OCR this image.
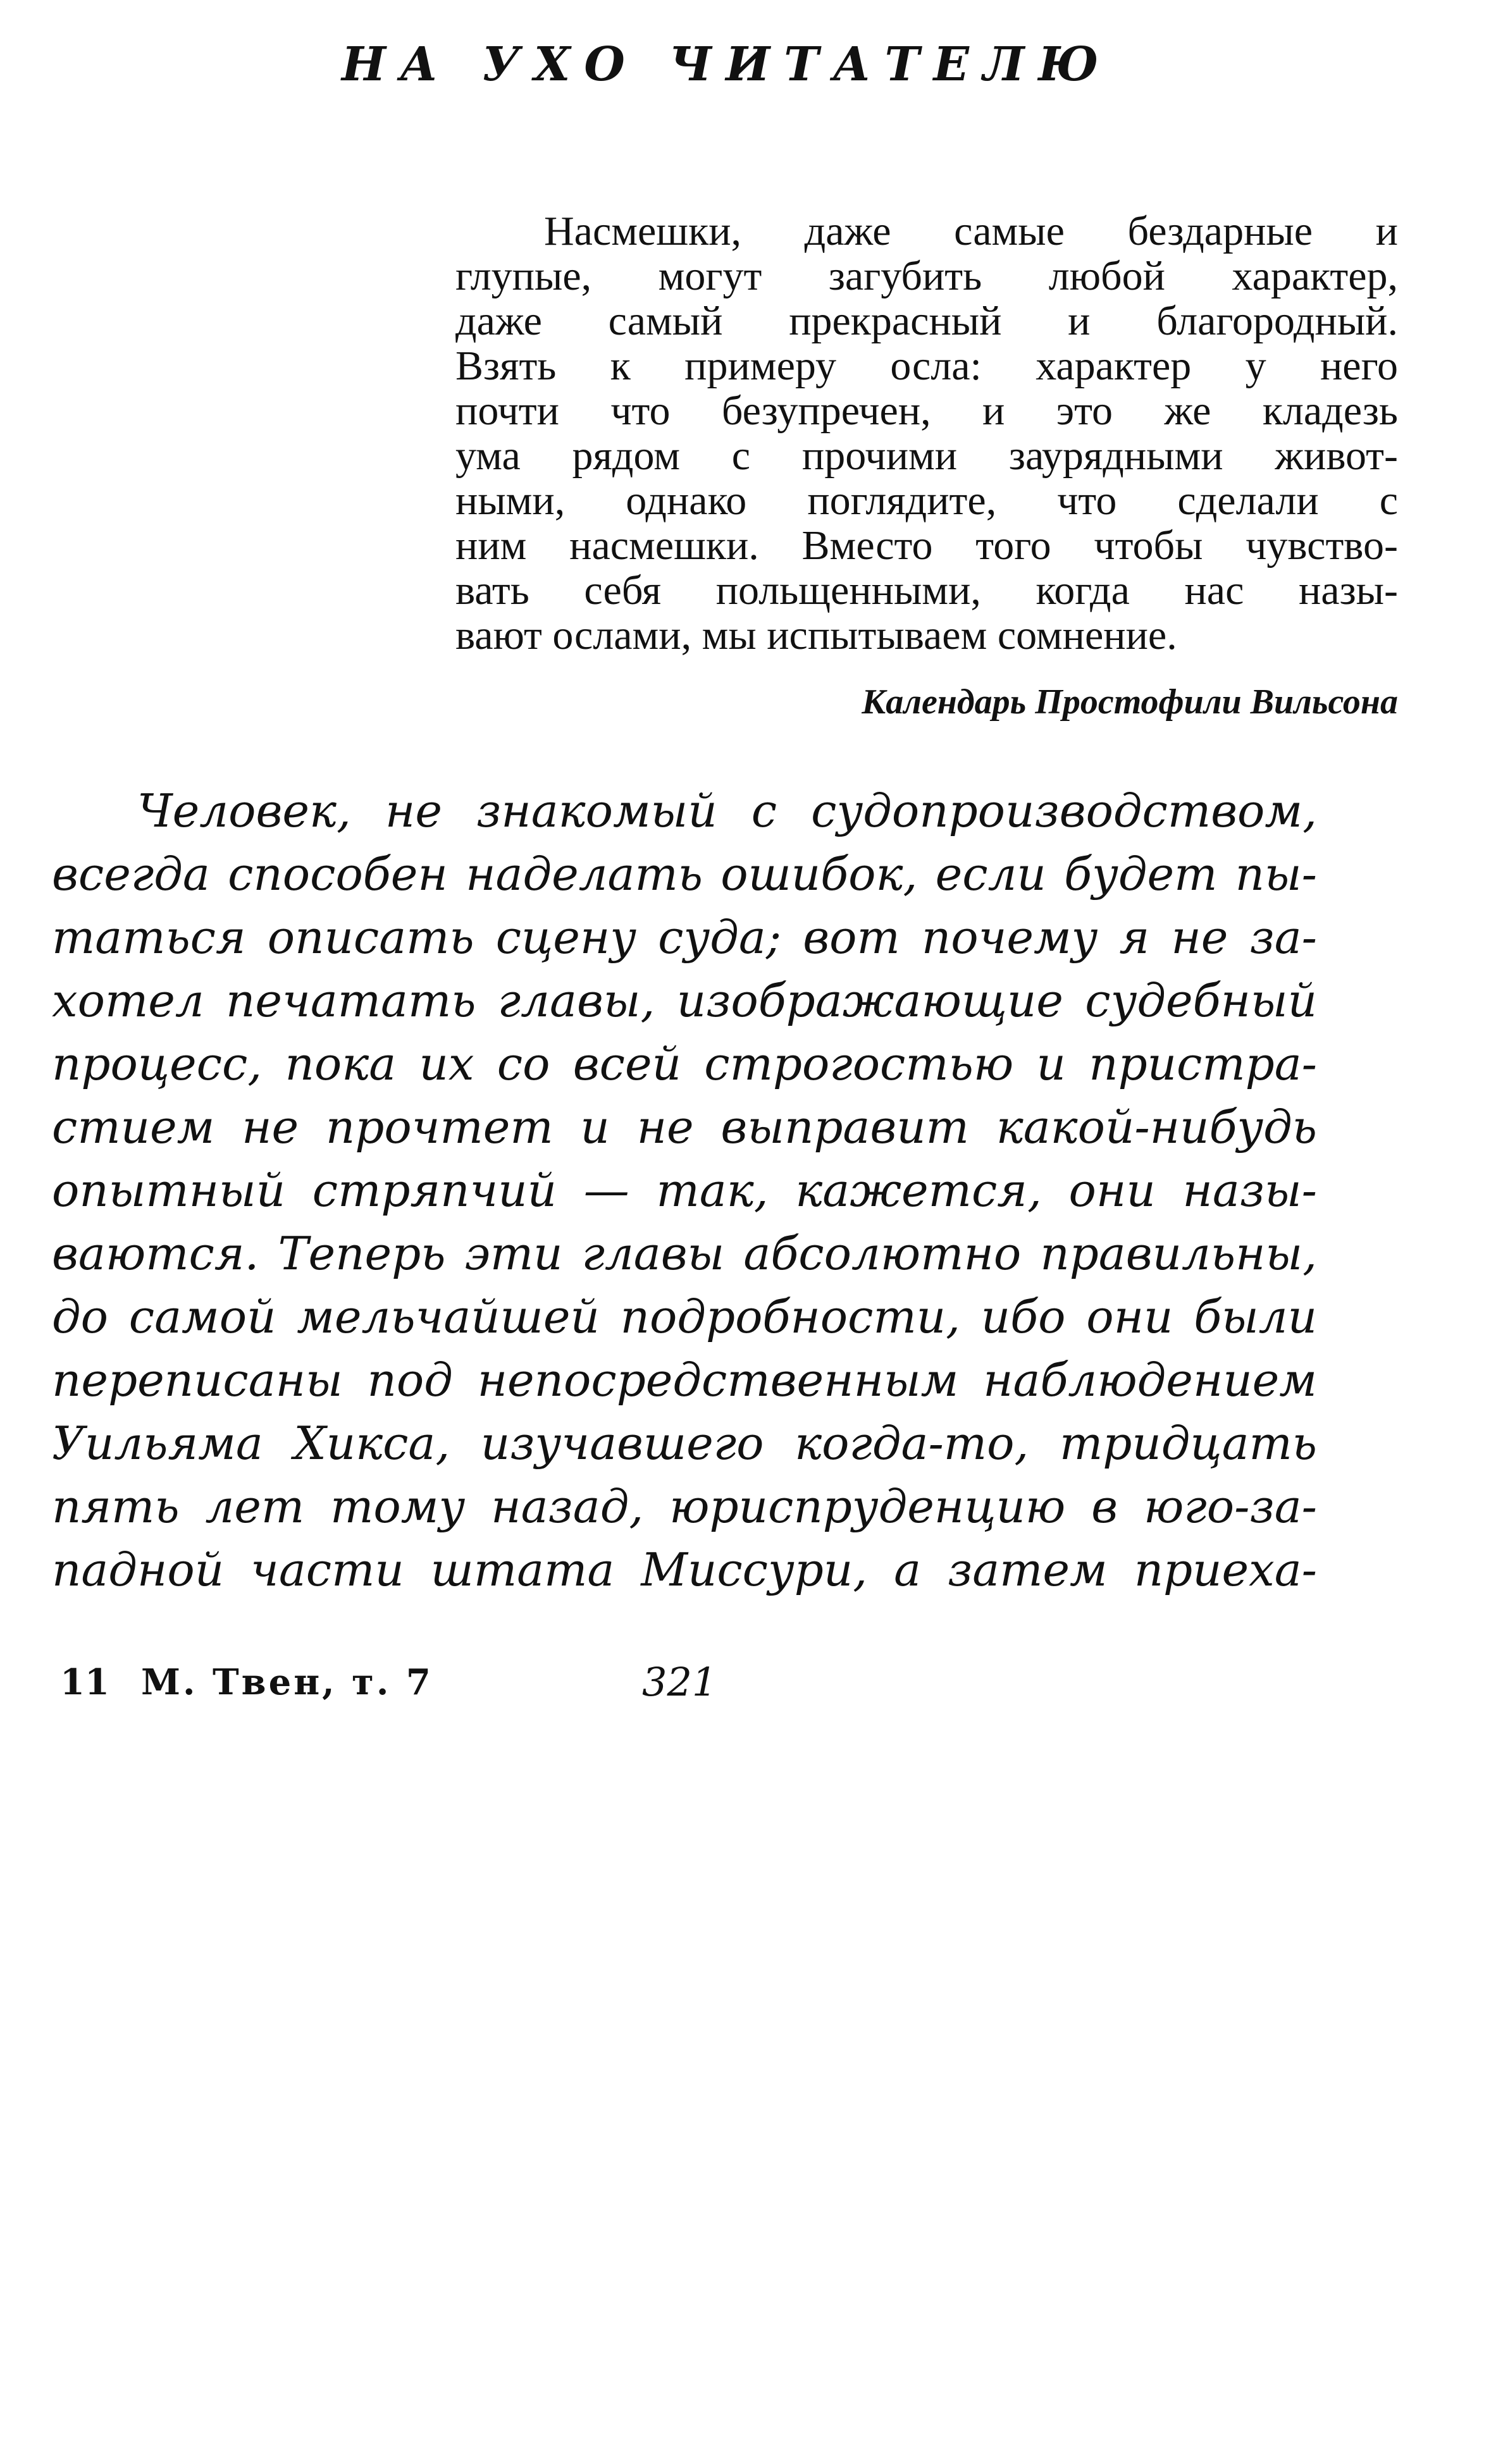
НА УХО ЧИТАТЕЛЮ
Насмешки, даже самые бездарные и
глупые, могут загубить любой характер,
даже самый прекрасный и благородный.
Взять к примеру осла: характер у него
почти что безупречен, и это же кладезь
ума рядом с прочими заурядными живот-
ными, однако поглядите, что сделали с
ним насмешки. Вместо того чтобы чувство-
вать себя польщенными, когда нас назы-
вают ослами, мы испытываем сомнение.
Календарь Простофили Вильсона
Человек, не знакомый с судопроизводством,
всегда способен наделать ошибок, если будет пы-
таться описать сцену суда; вот почему я не за-
хотел печатать главы, изображающие судебный
процесс, пока их со всей строгостью и пристра-
стием не прочтет и не выправит какой-нибудь
опытный стряпчий — так, кажется, они назы-
ваются. Теперь эти главы абсолютно правильны,
до самой мельчайшей подробности, ибо они были
переписаны под непосредственным наблюдением
Уильяма Хикса, изучавшего когда-то, тридцать
пять лет тому назад, юриспруденцию в юго-за-
падной части штата Миссури, а затем приеха-
11 М. Твен, т. 7	321
